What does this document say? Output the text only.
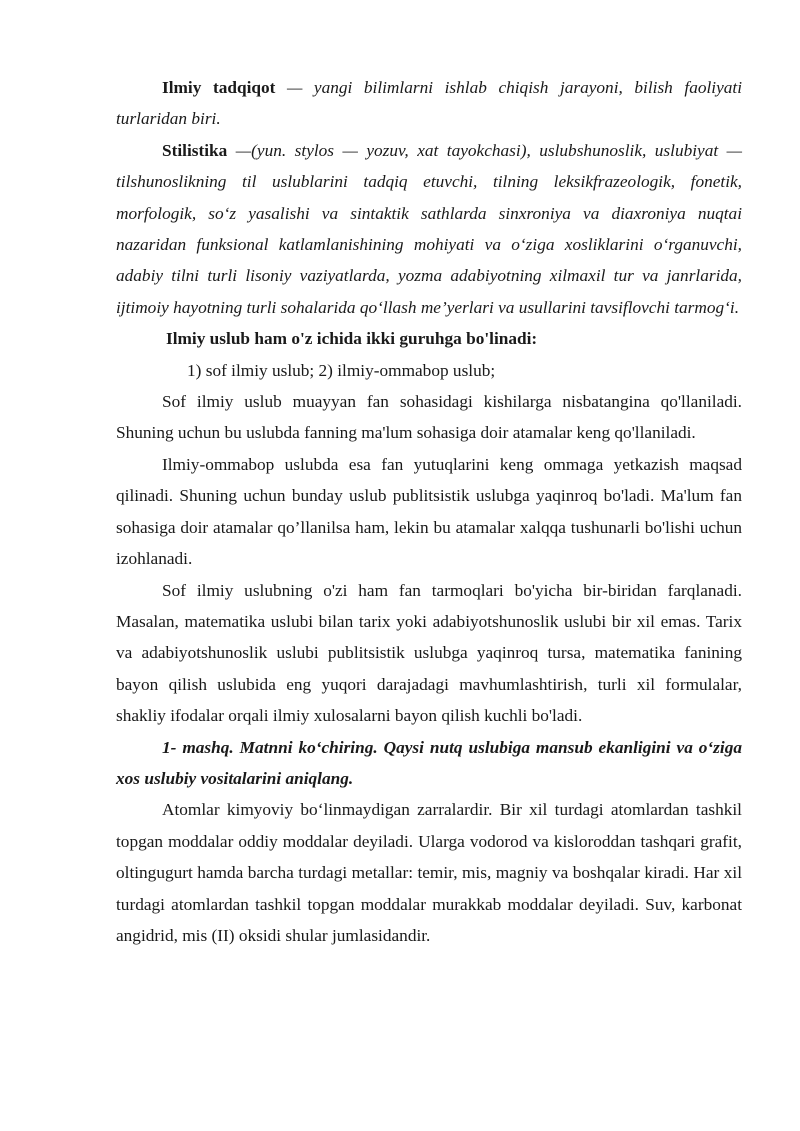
Ilmiy tadqiqot — yangi bilimlarni ishlab chiqish jarayoni, bilish faoliyati turlaridan biri.

Stilistika —(yun. stylos — yozuv, xat tayokchasi), uslubshunoslik, uslubiyat — tilshunoslikning til uslublarini tadqiq etuvchi, tilning leksikfrazeologik, fonetik, morfologik, so‘z yasalishi va sintaktik sathlarda sinxroniya va diaxroniya nuqtai nazaridan funksional katlamlanishining mohiyati va o‘ziga xosliklarini o‘rganuvchi, adabiy tilni turli lisoniy vaziyatlarda, yozma adabiyotning xilmaxil tur va janrlarida, ijtimoiy hayotning turli sohalarida qo‘llash me’yerlari va usullarini tavsiflovchi tarmog‘i.

Ilmiy uslub ham o'z ichida ikki guruhga bo'linadi:

1) sof ilmiy uslub; 2) ilmiy-ommabop uslub;

Sof ilmiy uslub muayyan fan sohasidagi kishilarga nisbatangina qo'llaniladi. Shuning uchun bu uslubda fanning ma'lum sohasiga doir atamalar keng qo'llaniladi.

Ilmiy-ommabop uslubda esa fan yutuqlarini keng ommaga yetkazish maqsad qilinadi. Shuning uchun bunday uslub publitsistik uslubga yaqinroq bo'ladi. Ma'lum fan sohasiga doir atamalar qo’llanilsa ham, lekin bu atamalar xalqqa tushunarli bo'lishi uchun izohlanadi.

Sof ilmiy uslubning o'zi ham fan tarmoqlari bo'yicha bir-biridan farqlanadi. Masalan, matematika uslubi bilan tarix yoki adabiyotshunoslik uslubi bir xil emas. Tarix va adabiyotshunoslik uslubi publitsistik uslubga yaqinroq tursa, matematika fanining bayon qilish uslubida eng yuqori darajadagi mavhumlashtirish, turli xil formulalar, shakliy ifodalar orqali ilmiy xulosalarni bayon qilish kuchli bo'ladi.

1- mashq. Matnni ko‘chiring. Qaysi nutq uslubiga mansub ekanligini va o‘ziga xos uslubiy vositalarini aniqlang.

Atomlar kimyoviy bo‘linmaydigan zarralardir. Bir xil turdagi atomlardan tashkil topgan moddalar oddiy moddalar deyiladi. Ularga vodorod va kisloroddan tashqari grafit, oltingugurt hamda barcha turdagi metallar: temir, mis, magniy va boshqalar kiradi. Har xil turdagi atomlardan tashkil topgan moddalar murakkab moddalar deyiladi. Suv, karbonat angidrid, mis (II) oksidi shular jumlasidandir.
